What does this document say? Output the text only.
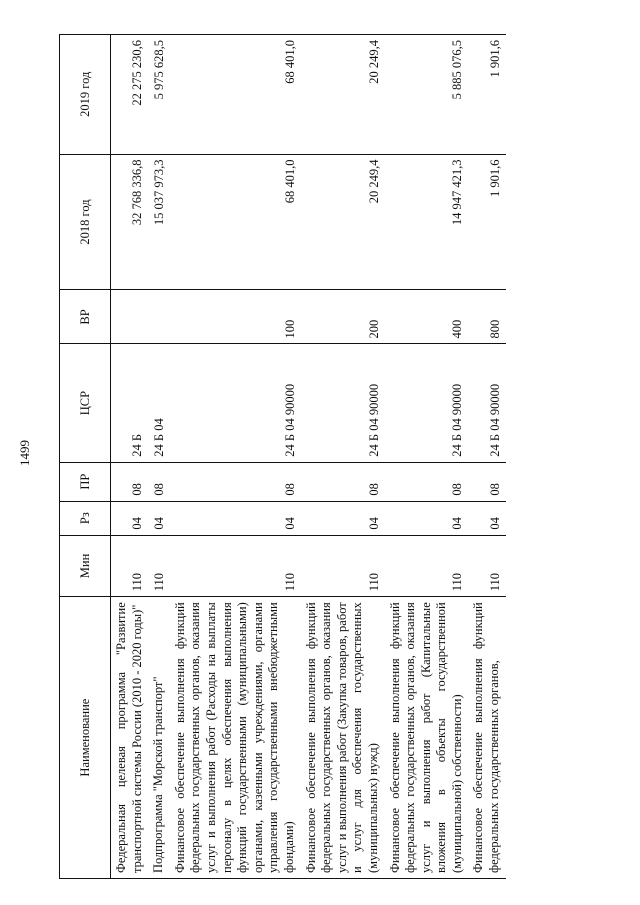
1499
Наименование	Мин	Рз	ПР	ЦСР	ВР	2018 год	2019 год
Федеральная целевая программа "Развитие транспортной системы России (2010 - 2020 годы)"	110	04	08	24 Б		32 768 336,8	22 275 230,6
Подпрограмма "Морской транспорт"	110	04	08	24 Б 04		15 037 973,3	5 975 628,5
Финансовое обеспечение выполнения функций федеральных государственных органов, оказания услуг и выполнения работ (Расходы на выплаты персоналу в целях обеспечения выполнения функций государственными (муниципальными) органами, казенными учреждениями, органами управления государственными внебюджетными фондами)	110	04	08	24 Б 04 90000	100	68 401,0	68 401,0
Финансовое обеспечение выполнения функций федеральных государственных органов, оказания услуг и выполнения работ (Закупка товаров, работ и услуг для обеспечения государственных (муниципальных) нужд)	110	04	08	24 Б 04 90000	200	20 249,4	20 249,4
Финансовое обеспечение выполнения функций федеральных государственных органов, оказания услуг и выполнения работ (Капитальные вложения в объекты государственной (муниципальной) собственности)	110	04	08	24 Б 04 90000	400	14 947 421,3	5 885 076,5
Финансовое обеспечение выполнения функций федеральных государственных органов,	110	04	08	24 Б 04 90000	800	1 901,6	1 901,6
